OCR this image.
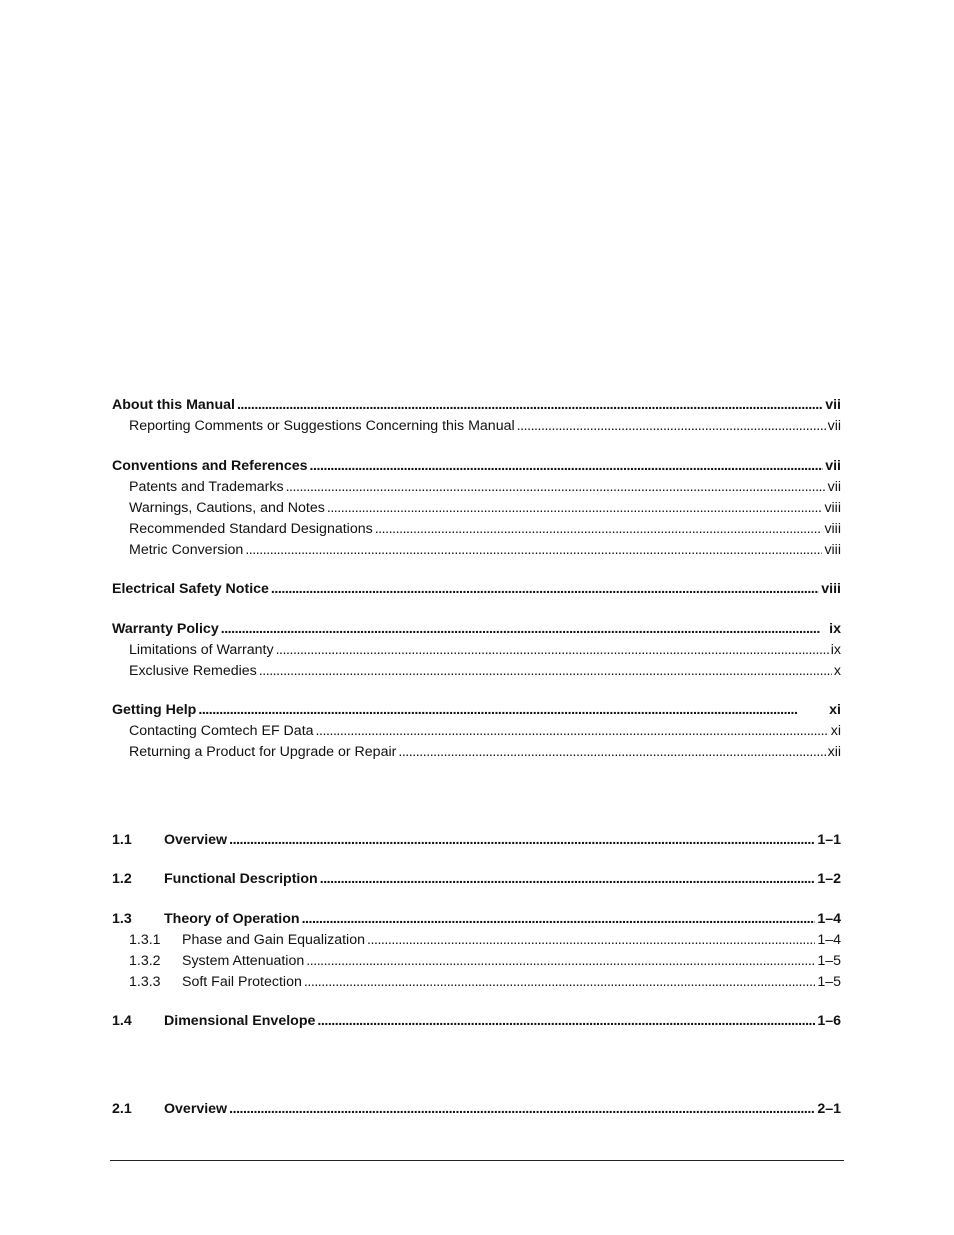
About this Manual . . .	vii
Reporting Comments or Suggestions Concerning this Manual . . .	vii
Conventions and References . . .	vii
Patents and Trademarks . . .	vii
Warnings, Cautions, and Notes . . .	viii
Recommended Standard Designations . . .	viii
Metric Conversion . . .	viii
Electrical Safety Notice . . .	viii
Warranty Policy . . .	ix
Limitations of Warranty . . .	ix
Exclusive Remedies . . .	x
Getting Help . . .	xi
Contacting Comtech EF Data . . .	xi
Returning a Product for Upgrade or Repair . . .	xii
1.1	Overview . . .	1–1
1.2	Functional Description . . .	1–2
1.3	Theory of Operation . . .	1–4
1.3.1	Phase and Gain Equalization . . .	1–4
1.3.2	System Attenuation . . .	1–5
1.3.3	Soft Fail Protection . . .	1–5
1.4	Dimensional Envelope . . .	1–6
2.1	Overview . . .	2–1
